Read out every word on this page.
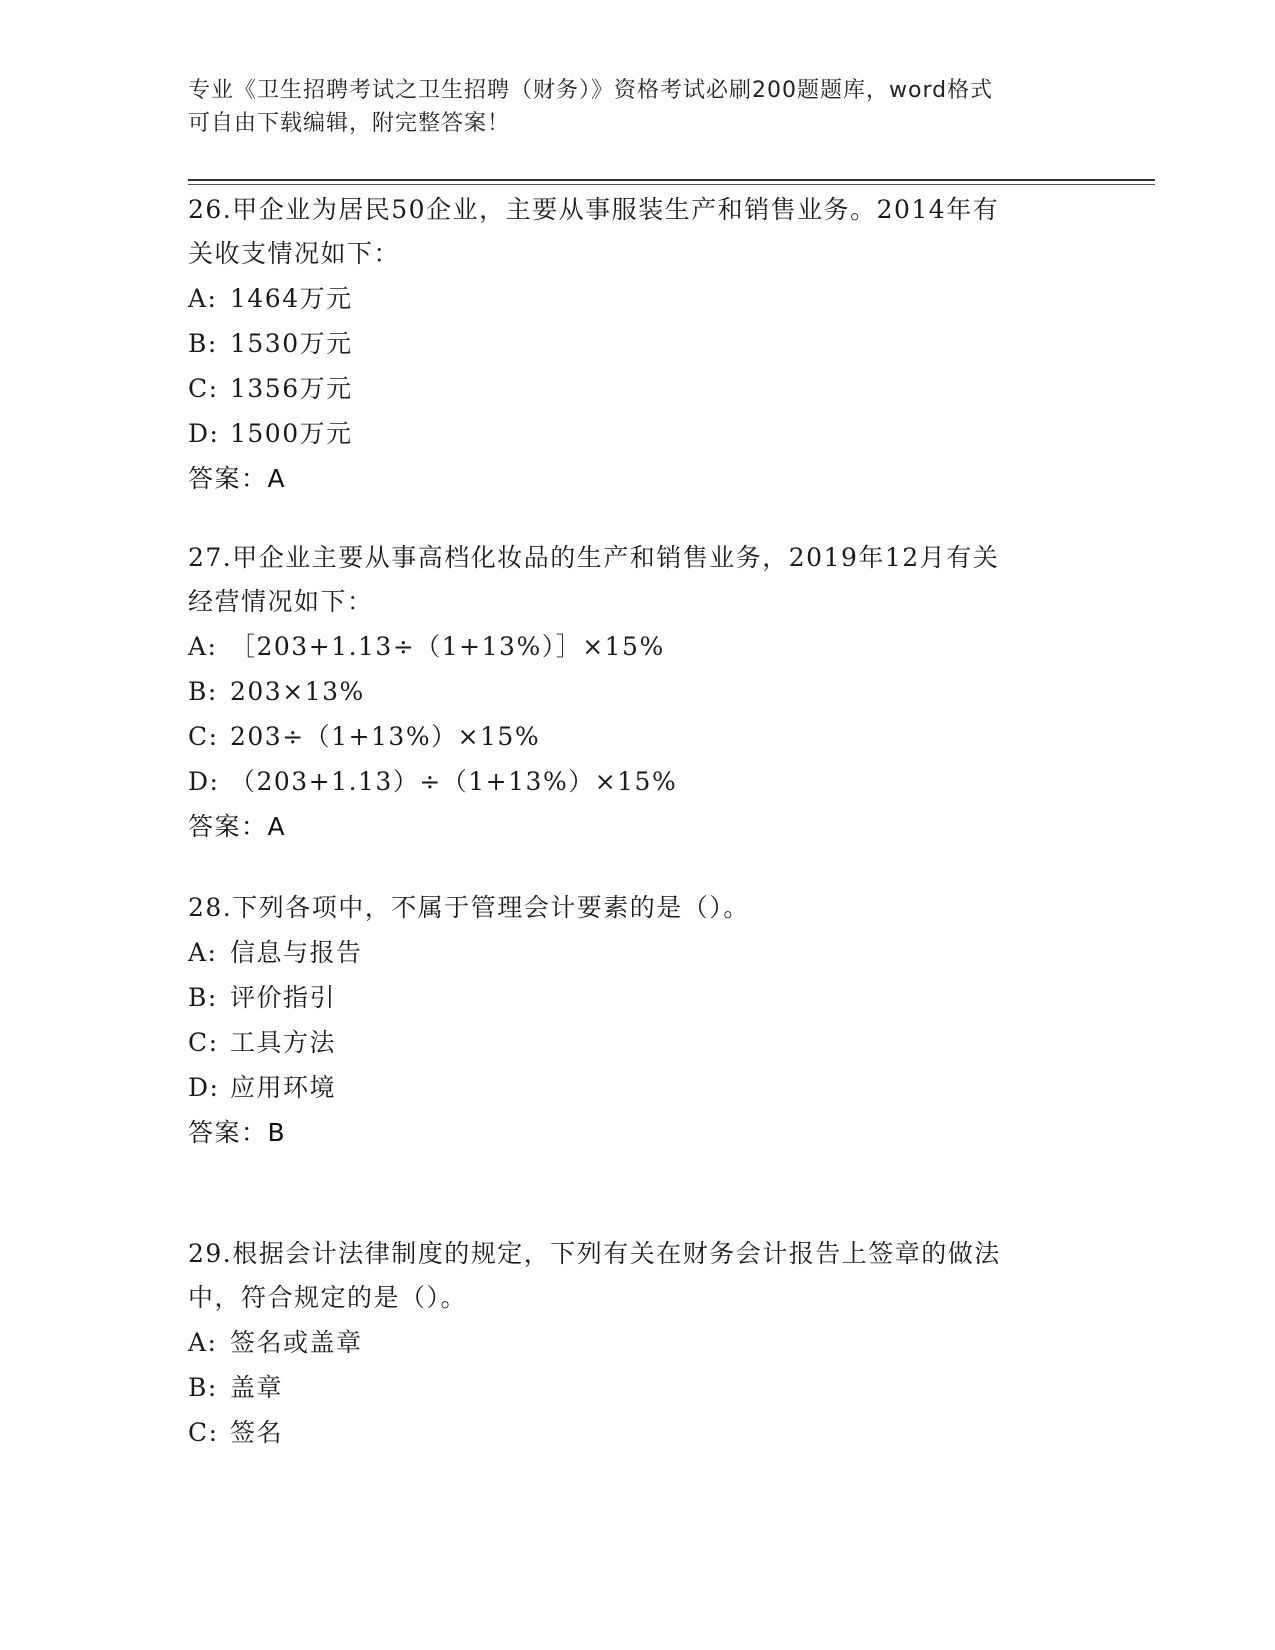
专业《卫生招聘考试之卫生招聘（财务）》资格考试必刷200题题库，word格式
可自由下载编辑，附完整答案！

26.甲企业为居民50企业，主要从事服装生产和销售业务。2014年有

关收支情况如下：

A: 1464万元

B: 1530万元

C: 1356万元

D: 1500万元

答案：A

27.甲企业主要从事高档化妆品的生产和销售业务，2019年12月有关

经营情况如下：

A: ［203+1.13÷（1+13%）］×15%

B: 203×13%

C: 203÷（1+13%）×15%

D: （203+1.13）÷（1+13%）×15%

答案：A

28.下列各项中，不属于管理会计要素的是（）。

A: 信息与报告

B: 评价指引

C: 工具方法

D: 应用环境

答案：B

29.根据会计法律制度的规定，下列有关在财务会计报告上签章的做法

中，符合规定的是（）。

A: 签名或盖章

B: 盖章

C: 签名
